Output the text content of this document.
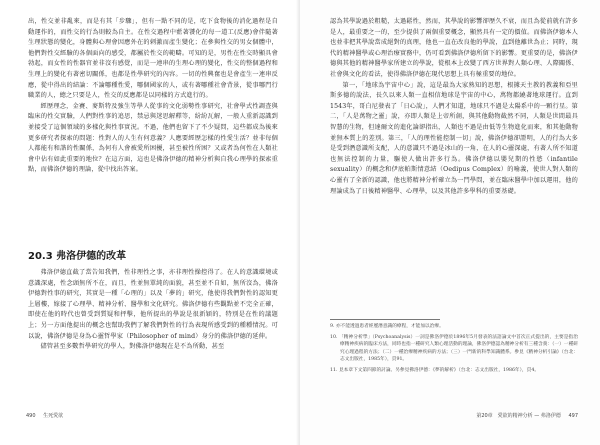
出，性交並非亂來，而是有其「步驟」，但有一點不同的是，吃下食物後的消化過程是自動運作的，而性交的行為則較為自主。在性交過程中藍著饕化的每一道工(反應)會伴隨著生理狀態的變化，身體與心理會因應外在的刺激而產生變化；在參與性交的男女個體中，他們對性交經驗的各個面向的感受，都屬於性交的範疇。可知的是，男性在性交時顯具會勃起，而女性的性器官並非沒有感覺，而是一連串的生理心理的變化，性交的整個過程和生理上的變化有著密切關係，也都是性學研究的內容。一切的性興奮也是會產生一連串反應，從中得出的結論：不論哪種性愛，哪個國家的人，或有著哪種社會背景，從事哪門行職業的人，總之只要是人，性交的反應都是以同樣的方式進行的。

經歷理念，金賽、麥斯特及強生等學人從事的文化弱勢性事研究，社會學式性調查與臨床的性交實驗，人們對性事的追思，禁忌與迷思解釋等，紛紛瓦解，一般人重新認識到並接受了這個領域的多樣化與性事實況。不過，他們也留下了不少疑問，這些都成為後來更多研究者探索的問題：性對人的人生有何意義？人應要經歷怎樣的性愛生活？並非每個人都能有和諧的性關係，為何有人會被愛所困擾，甚至被性所困？又或者為何性在人類社會中佔有如此重要的地位？在這方面，這也是佛洛伊德的精神分析與自我心理學的探索重點，而佛洛伊德的理論，從中找出答案。

20.3 弗洛伊德的改革

弗洛伊德直截了當告知我們，性非理性之事，亦非理性操控得了。在人的意識環境或意識深處，性念頭無所不在，而且，性並無單純的面貌，甚至並不自如，無所沒為，佛洛伊德對性事的研究，其實是一種「心理的」以及「夢的」研究，他使得我們對性的認知更上層樓，嫁接了心理學、精神分析、醫學和文化研究。佛洛伊德有些觀點並不完全正確，即使在他的時代也曾受到質疑和抨擊，他所提出的學說是很新穎的，特別是在性的議題上；另一方面他提出的概念也幫助我們了解我們對性的行為表現所感受到的種種情況。可以說，佛洛伊德是身為心靈哲學家（Philosopher of mind）身分的佛洛伊德的延伸。

儘管甚至多數哲學研究的學人，對佛洛伊德現在是不為所動，甚至

490 生死愛欲

認為其學說過於粗糙，太過鬆性，然而，其學說的影響卻歷久不衰，而且為從前就有許多是人，最重要之一的，至少提供了兩個重要概念，顯然具有一定的價值。而佛洛伊德本人也並非把其學說當成絕對的真理，他也一直在改良他的學說，直到他離世為止；同時，現代的精神醫學或心理治療實務中，仍可看到佛洛伊德所留下的影響。更重要的是，佛洛伊德與其他的精神醫學家所建立的學說，從根本上改變了西方世界對人類心理、人際關係、社會與文化的看法，使得佛洛伊德在現代思想上具有極重要的地位。

第一，「地球為宇宙中心」說，這是最為大家熟知的思想，根據天主教的教義和亞里斯多德的說法，長久以來人類一直相信地球是宇宙的中心，萬物都繞著地球運行。直到1543年，哥白尼發表了「日心說」，人們才知道，地球只不過是太陽系中的一顆行星。第二，「人是萬物之靈」說，亦即人類是上帝所創，與其他動物截然不同，人類是世間最具智慧的生物，但達爾文的進化論卻指出，人類也不過是由低等生物進化而來，和其他動物並無本質上的差別。第三，「人的理性能控制一切」說，佛洛伊德卻證明，人的行為大多是受到潛意識所支配，人的意識只不過是冰山的一角，在人的心靈深處，有著人所不知道也無法控制的力量，驅使人做出許多行為。佛洛伊德以嬰兒期的性慾（infantile sexuality）的概念和伊底帕斯情意結（Oedipus Complex）的喻義，使世人對人類的心靈有了全新的認識，他也將精神分析確立為一門學問，並在臨床醫學中加以運用，他的理論成為了日後精神醫學、心理學，以及其他許多學科的重要基礎。

9. 亦不能透過患者經歷潛意識的療程，才能加以治療。

10. 「精神分析學」（Psychoanalysis）一詞是佛洛伊德於1896年5月發表的法語論文中首次正式提出的，主要是指治療精神疾病的臨床方法，同時也指一種研究人類心理活動的理論，佛洛伊德認為精神分析有三種含義：（一）一種研究心理過程的方法；（二）一種治療精神疾病的方法；（三）一門新的科學知識體系。參見《精神分析引論》（台北：志文出版社，1985年），頁91。

11. 見本章下文第四節的討論。另參見佛洛伊德：《夢的解析》（台北：志文出版社，1986年），頁4。

第20章　愛欲的精神分析 — 弗洛伊德 497
